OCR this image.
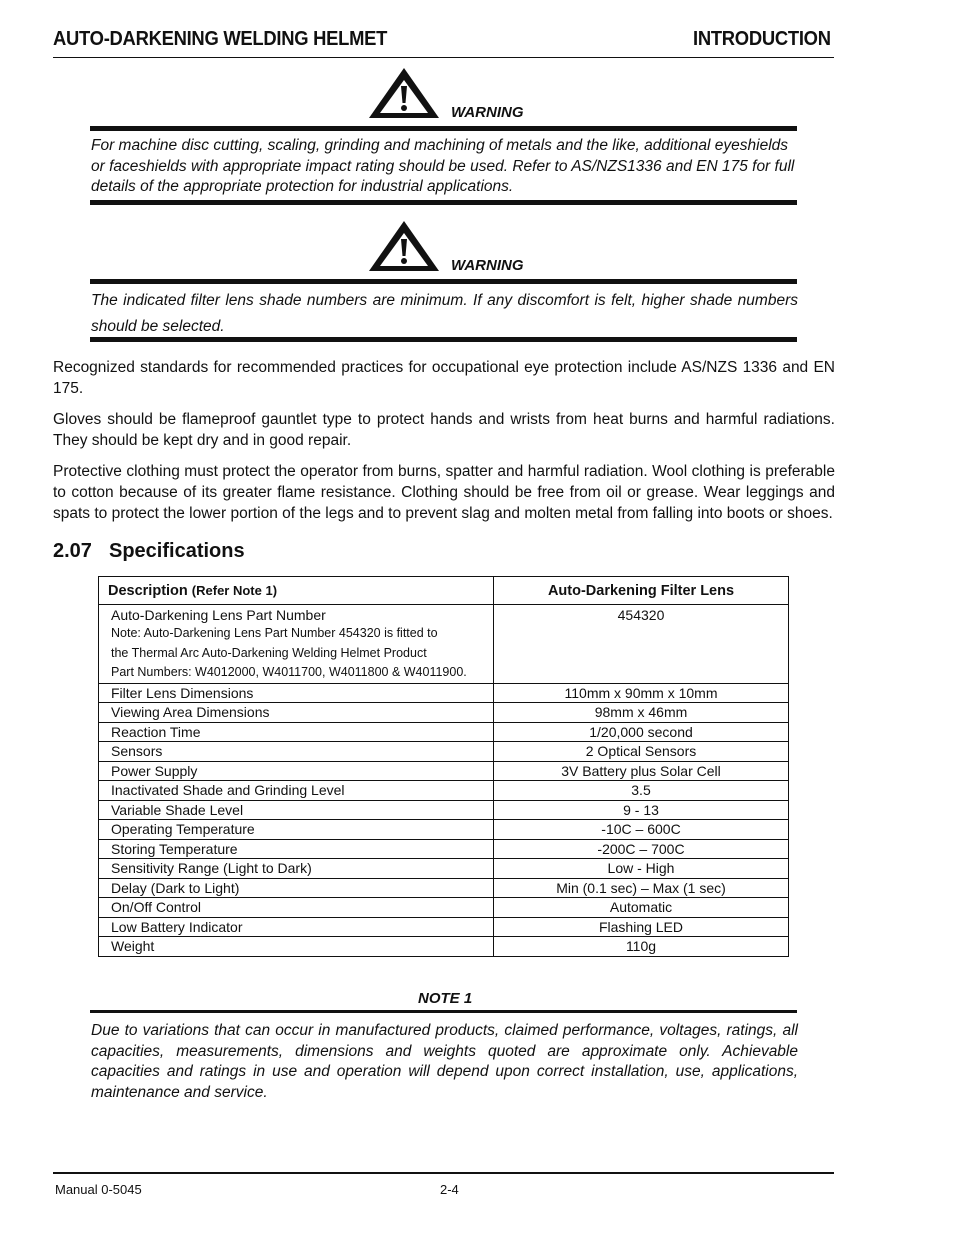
AUTO-DARKENING WELDING HELMET	INTRODUCTION
WARNING
For machine disc cutting, scaling, grinding and machining of metals and the like, additional eyeshields or faceshields with appropriate impact rating should be used. Refer to AS/NZS1336 and EN 175 for full details of the appropriate protection for industrial applications.
WARNING
The indicated filter lens shade numbers are minimum. If any discomfort is felt, higher shade numbers should be selected.
Recognized standards for recommended practices for occupational eye protection include AS/NZS 1336 and EN 175.
Gloves should be flameproof gauntlet type to protect hands and wrists from heat burns and harmful radiations. They should be kept dry and in good repair.
Protective clothing must protect the operator from burns, spatter and harmful radiation. Wool clothing is preferable to cotton because of its greater flame resistance. Clothing should be free from oil or grease. Wear leggings and spats to protect the lower portion of the legs and to prevent slag and molten metal from falling into boots or shoes.
2.07 Specifications
Description (Refer Note 1)	Auto-Darkening Filter Lens

Auto-Darkening Lens Part Number
Note: Auto-Darkening Lens Part Number 454320 is fitted to
the Thermal Arc Auto-Darkening Welding Helmet Product
Part Numbers: W4012000, W4011700, W4011800 & W4011900.	454320
Filter Lens Dimensions	110mm x 90mm x 10mm
Viewing Area Dimensions	98mm x 46mm
Reaction Time	1/20,000 second
Sensors	2 Optical Sensors
Power Supply	3V Battery plus Solar Cell
Inactivated Shade and Grinding Level	3.5
Variable Shade Level	9 - 13
Operating Temperature	-10C – 600C
Storing Temperature	-200C – 700C
Sensitivity Range (Light to Dark)	Low - High
Delay (Dark to Light)	Min (0.1 sec) – Max (1 sec)
On/Off Control	Automatic
Low Battery Indicator	Flashing LED
Weight	110g
NOTE 1
Due to variations that can occur in manufactured products, claimed performance, voltages, ratings, all capacities, measurements, dimensions and weights quoted are approximate only. Achievable capacities and ratings in use and operation will depend upon correct installation, use, applications, maintenance and service.
Manual 0-5045	2-4
